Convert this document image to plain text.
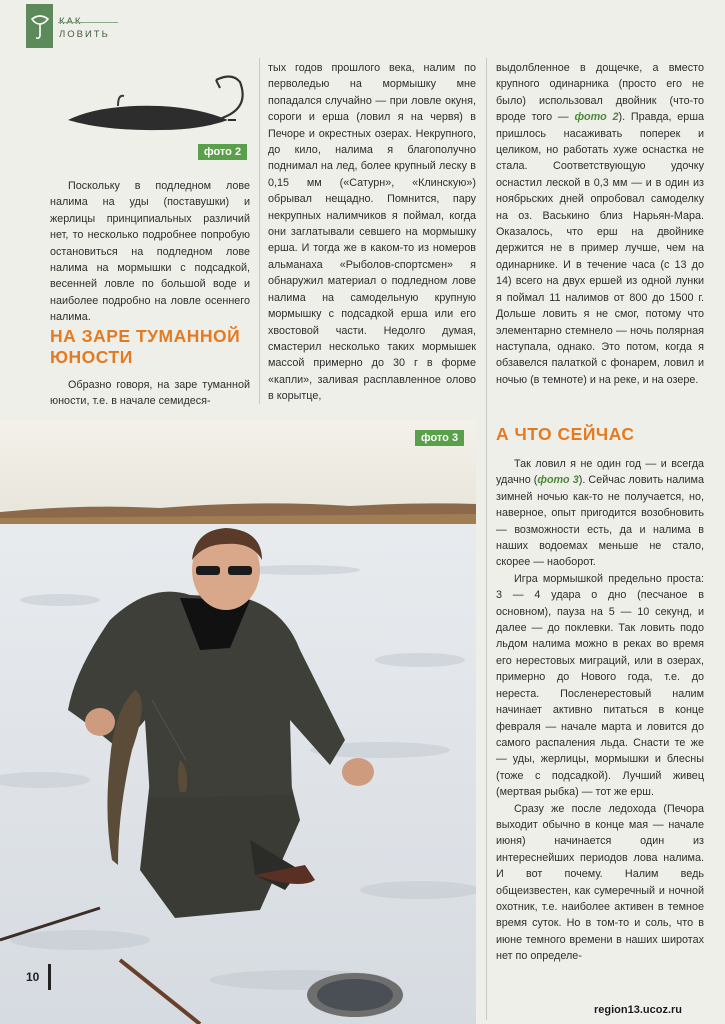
ЛОВИТЬ
фото 2

Поскольку в подледном лове налима на уды (поставушки) и жерлицы принципиальных различий нет, то несколько подробнее попробую остановиться на подледном лове налима на мормышки с подсадкой, весенней ловле по большой воде и наиболее подробно на ловле осеннего налима.

НА ЗАРЕ ТУМАННОЙ ЮНОСТИ

Образно говоря, на заре туманной юности, т.е. в начале семидеся-

тых годов прошлого века, налим по перволедью на мормышку мне попадался случайно — при ловле окуня, сороги и ерша (ловил я на червя) в Печоре и окрестных озерах. Некрупного, до кило, налима я благополучно поднимал на лед, более крупный леску в 0,15 мм («Сатурн», «Клинскую») обрывал нещадно. Помнится, пару некрупных налимчиков я поймал, когда они заглатывали севшего на мормышку ерша. И тогда же в каком-то из номеров альманаха «Рыболов-спортсмен» я обнаружил материал о подледном лове налима на самодельную крупную мормышку с подсадкой ерша или его хвостовой части. Недолго думая, смастерил несколько таких мормышек массой примерно до 30 г в форме «капли», заливая расплавленное олово в корытце,

выдолбленное в дощечке, а вместо крупного одинарника (просто его не было) использовал двойник (что-то вроде того — фото 2). Правда, ерша пришлось насаживать поперек и целиком, но работать хуже оснастка не стала. Соответствующую удочку оснастил леской в 0,3 мм — и в один из ноябрьских дней опробовал самоделку на оз. Васькино близ Нарьян-Мара. Оказалось, что ерш на двойнике держится не в пример лучше, чем на одинарнике. И в течение часа (с 13 до 14) всего на двух ершей из одной лунки я поймал 11 налимов от 800 до 1500 г. Дольше ловить я не смог, потому что элементарно стемнело — ночь полярная наступала, однако. Это потом, когда я обзавелся палаткой с фонарем, ловил и ночью (в темноте) и на реке, и на озере.

А ЧТО СЕЙЧАС

Так ловил я не один год — и всегда удачно (фото 3). Сейчас ловить налима зимней ночью как-то не получается, но, наверное, опыт пригодится возобновить — возможности есть, да и налима в наших водоемах меньше не стало, скорее — наоборот.

Игра мормышкой предельно проста: 3 — 4 удара о дно (песчаное в основном), пауза на 5 — 10 секунд, и далее — до поклевки. Так ловить подо льдом налима можно в реках во время его нерестовых миграций, или в озерах, примерно до Нового года, т.е. до нереста. Посленерестовый налим начинает активно питаться в конце февраля — начале марта и ловится до самого распаления льда. Снасти те же — уды, жерлицы, мормышки и блесны (тоже с подсадкой). Лучший живец (мертвая рыбка) — тот же ерш.

Сразу же после ледохода (Печора выходит обычно в конце мая — начале июня) начинается один из интереснейших периодов лова налима. И вот почему. Налим ведь общеизвестен, как сумеречный и ночной охотник, т.е. наиболее активен в темное время суток. Но в том-то и соль, что в июне темного времени в наших широтах нет по определе-

фото 3
10
region13.ucoz.ru
